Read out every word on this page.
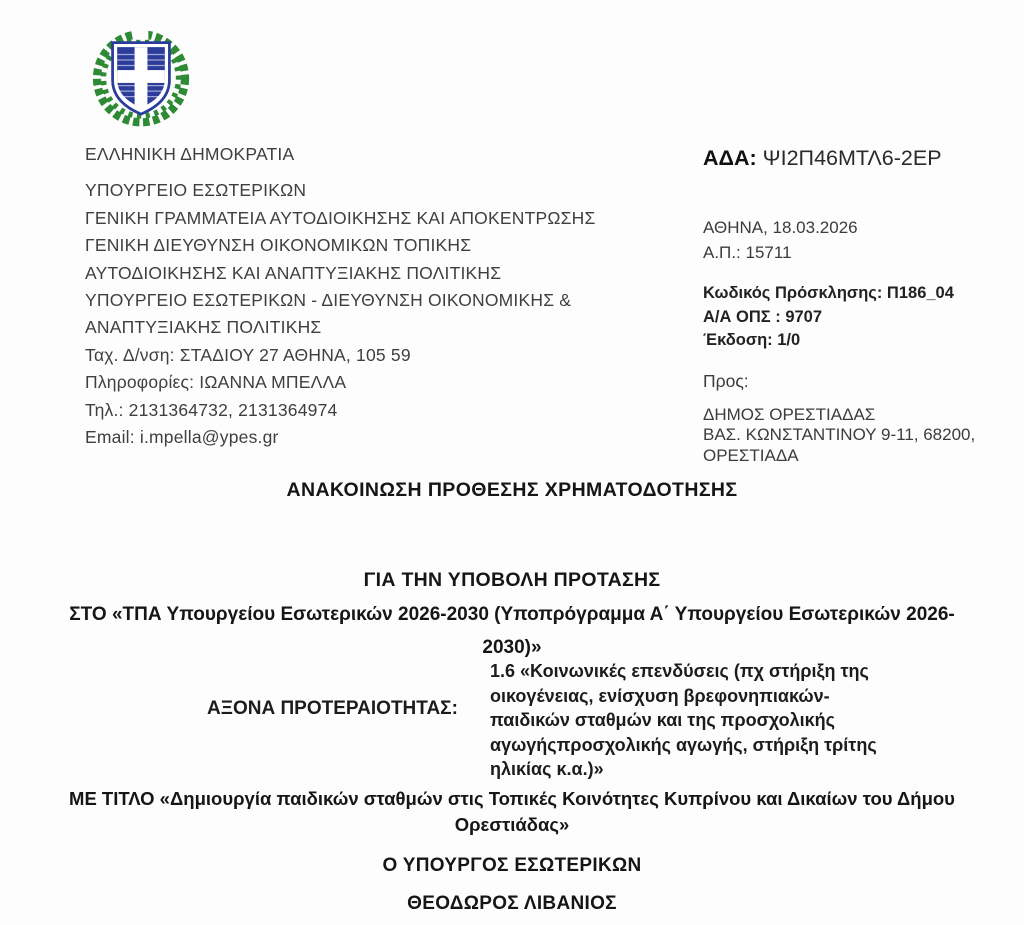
ΕΛΛΗΝΙΚΗ ΔΗΜΟΚΡΑΤΙΑ
ΥΠΟΥΡΓΕΙΟ ΕΣΩΤΕΡΙΚΩΝ
ΓΕΝΙΚΗ ΓΡΑΜΜΑΤΕΙΑ ΑΥΤΟΔΙΟΙΚΗΣΗΣ ΚΑΙ ΑΠΟΚΕΝΤΡΩΣΗΣ
ΓΕΝΙΚΗ ΔΙΕΥΘΥΝΣΗ ΟΙΚΟΝΟΜΙΚΩΝ ΤΟΠΙΚΗΣ
ΑΥΤΟΔΙΟΙΚΗΣΗΣ ΚΑΙ ΑΝΑΠΤΥΞΙΑΚΗΣ ΠΟΛΙΤΙΚΗΣ
ΥΠΟΥΡΓΕΙΟ ΕΣΩΤΕΡΙΚΩΝ - ΔΙΕΥΘΥΝΣΗ ΟΙΚΟΝΟΜΙΚΗΣ &
ΑΝΑΠΤΥΞΙΑΚΗΣ ΠΟΛΙΤΙΚΗΣ
Ταχ. Δ/νση: ΣΤΑΔΙΟΥ 27 ΑΘΗΝΑ, 105 59
Πληροφορίες: ΙΩΑΝΝΑ ΜΠΕΛΛΑ
Τηλ.: 2131364732, 2131364974
Email: i.mpella@ypes.gr
ΑΔΑ: ΨΙ2Π46ΜΤΛ6-2ΕΡ
ΑΘΗΝΑ, 18.03.2026
Α.Π.: 15711
Κωδικός Πρόσκλησης: Π186_04
Α/Α ΟΠΣ : 9707
Έκδοση: 1/0
Προς:
ΔΗΜΟΣ ΟΡΕΣΤΙΑΔΑΣ
ΒΑΣ. ΚΩΝΣΤΑΝΤΙΝΟΥ 9-11, 68200,
ΟΡΕΣΤΙΑΔΑ
ΑΝΑΚΟΙΝΩΣΗ ΠΡΟΘΕΣΗΣ ΧΡΗΜΑΤΟΔΟΤΗΣΗΣ
ΓΙΑ ΤΗΝ ΥΠΟΒΟΛΗ ΠΡΟΤΑΣΗΣ
ΣΤΟ «ΤΠΑ Υπουργείου Εσωτερικών 2026-2030 (Υποπρόγραμμα Α΄ Υπουργείου Εσωτερικών 2026-2030)»
ΑΞΟΝΑ ΠΡΟΤΕΡΑΙΟΤΗΤΑΣ:
1.6 «Κοινωνικές επενδύσεις (πχ στήριξη της οικογένειας, ενίσχυση βρεφονηπιακών-παιδικών σταθμών και της προσχολικής αγωγήςπροσχολικής αγωγής, στήριξη τρίτης ηλικίας κ.α.)»
ΜΕ ΤΙΤΛΟ «Δημιουργία παιδικών σταθμών στις Τοπικές Κοινότητες Κυπρίνου και Δικαίων του Δήμου Ορεστιάδας»
Ο ΥΠΟΥΡΓΟΣ ΕΣΩΤΕΡΙΚΩΝ
ΘΕΟΔΩΡΟΣ ΛΙΒΑΝΙΟΣ
